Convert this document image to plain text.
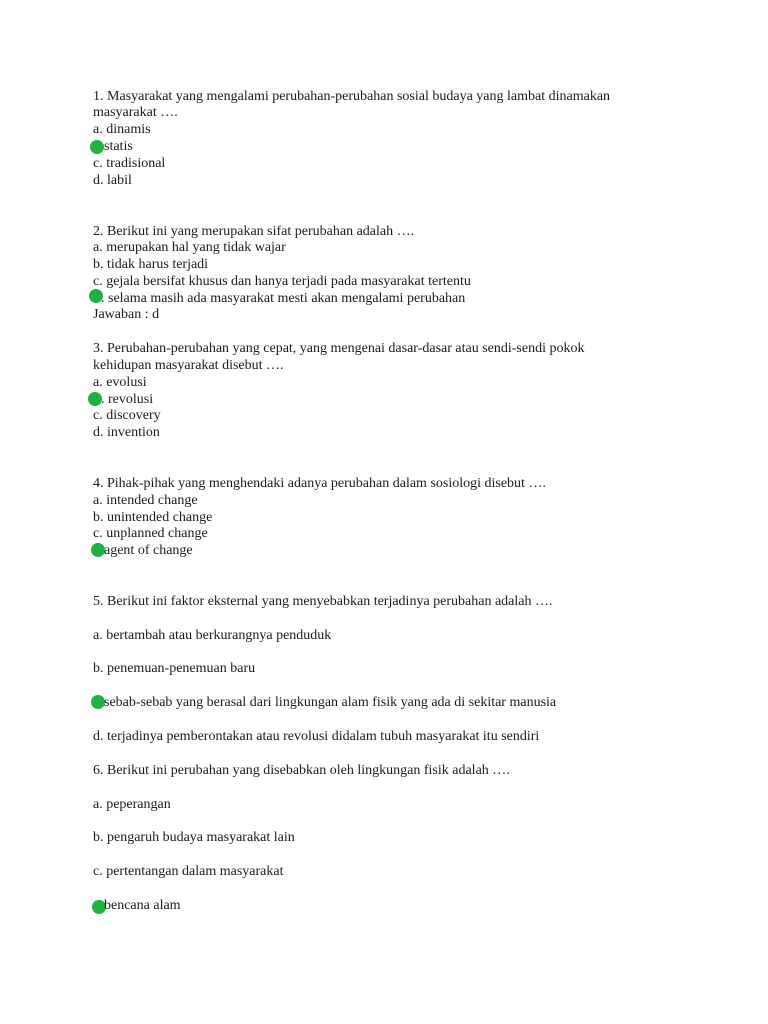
1. Masyarakat yang mengalami perubahan-perubahan sosial budaya yang lambat dinamakan
masyarakat ….
a. dinamis
statis
c. tradisional
d. labil
2. Berikut ini yang merupakan sifat perubahan adalah ….
a. merupakan hal yang tidak wajar
b. tidak harus terjadi
c. gejala bersifat khusus dan hanya terjadi pada masyarakat tertentu
. selama masih ada masyarakat mesti akan mengalami perubahan
Jawaban : d
3. Perubahan-perubahan yang cepat, yang mengenai dasar-dasar atau sendi-sendi pokok
kehidupan masyarakat disebut ….
a. evolusi
. revolusi
c. discovery
d. invention
4. Pihak-pihak yang menghendaki adanya perubahan dalam sosiologi disebut ….
a. intended change
b. unintended change
c. unplanned change
agent of change
5. Berikut ini faktor eksternal yang menyebabkan terjadinya perubahan adalah ….
a. bertambah atau berkurangnya penduduk
b. penemuan-penemuan baru
sebab-sebab yang berasal dari lingkungan alam fisik yang ada di sekitar manusia
d. terjadinya pemberontakan atau revolusi didalam tubuh masyarakat itu sendiri
6. Berikut ini perubahan yang disebabkan oleh lingkungan fisik adalah ….
a. peperangan
b. pengaruh budaya masyarakat lain
c. pertentangan dalam masyarakat
bencana alam
